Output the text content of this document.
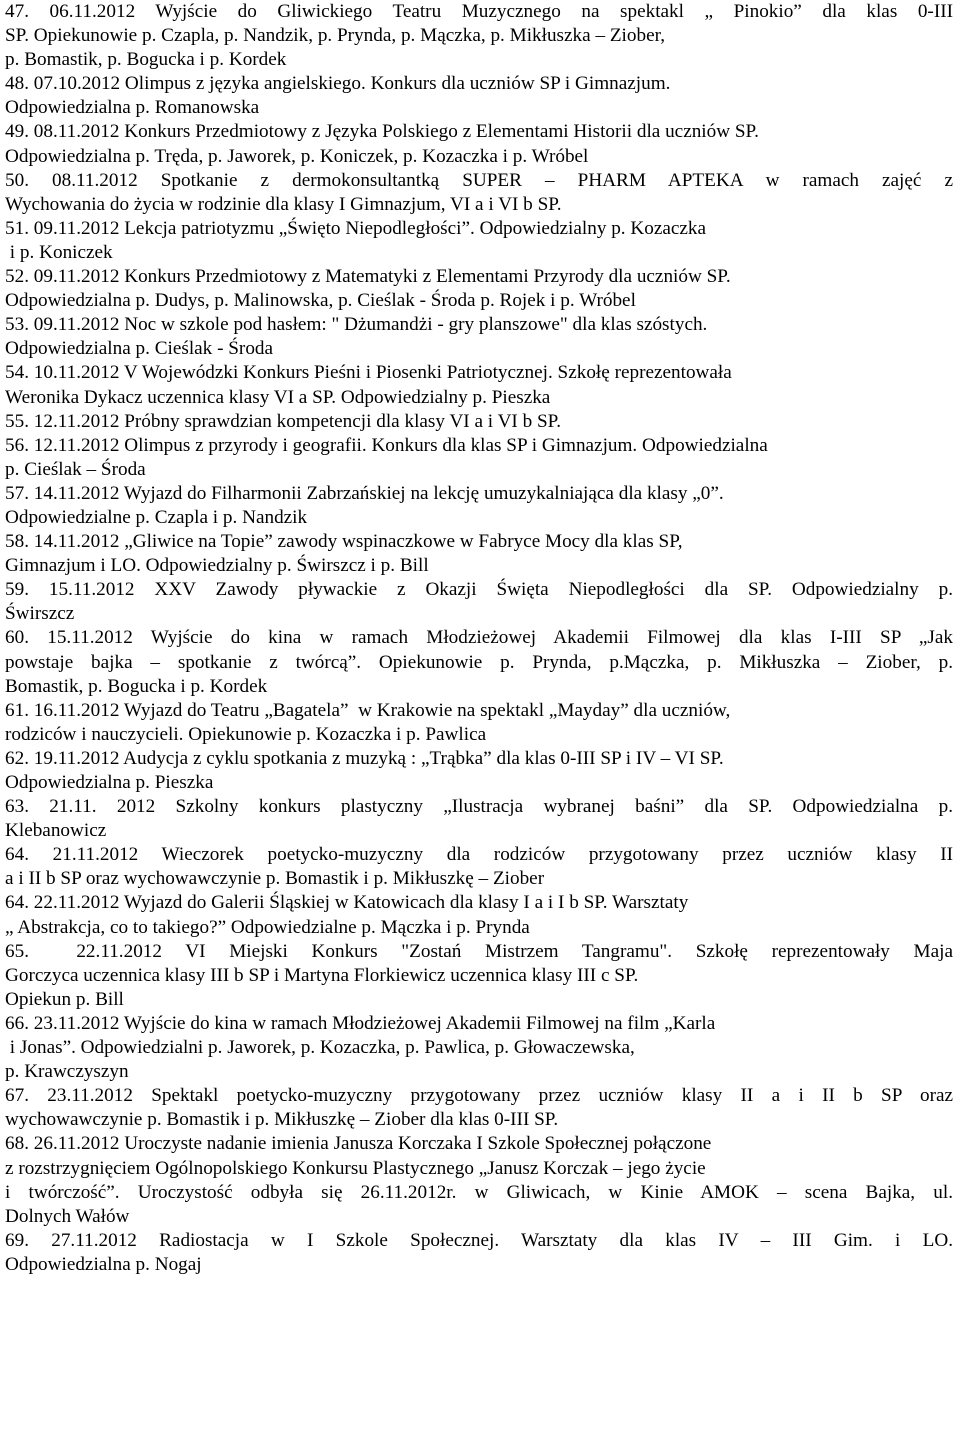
47. 06.11.2012 Wyjście do Gliwickiego Teatru Muzycznego na spektakl „ Pinokio” dla klas 0-III
SP. Opiekunowie p. Czapla, p. Nandzik, p. Prynda, p. Mączka, p. Mikłuszka – Ziober,
p. Bomastik, p. Bogucka i p. Kordek
48. 07.10.2012 Olimpus z języka angielskiego. Konkurs dla uczniów SP i Gimnazjum.
Odpowiedzialna p. Romanowska
49. 08.11.2012 Konkurs Przedmiotowy z Języka Polskiego z Elementami Historii dla uczniów SP.
Odpowiedzialna p. Tręda, p. Jaworek, p. Koniczek, p. Kozaczka i p. Wróbel
50. 08.11.2012 Spotkanie z dermokonsultantką SUPER – PHARM APTEKA w ramach zajęć z
Wychowania do życia w rodzinie dla klasy I Gimnazjum, VI a i VI b SP.
51. 09.11.2012 Lekcja patriotyzmu „Święto Niepodległości”. Odpowiedzialny p. Kozaczka
i p. Koniczek
52. 09.11.2012 Konkurs Przedmiotowy z Matematyki z Elementami Przyrody dla uczniów SP.
Odpowiedzialna p. Dudys, p. Malinowska, p. Cieślak - Środa p. Rojek i p. Wróbel
53. 09.11.2012 Noc w szkole pod hasłem: " Dżumandżi - gry planszowe" dla klas szóstych.
Odpowiedzialna p. Cieślak - Środa
54. 10.11.2012 V Wojewódzki Konkurs Pieśni i Piosenki Patriotycznej. Szkołę reprezentowała
Weronika Dykacz uczennica klasy VI a SP. Odpowiedzialny p. Pieszka
55. 12.11.2012 Próbny sprawdzian kompetencji dla klasy VI a i VI b SP.
56. 12.11.2012 Olimpus z przyrody i geografii. Konkurs dla klas SP i Gimnazjum. Odpowiedzialna
p. Cieślak – Środa
57. 14.11.2012 Wyjazd do Filharmonii Zabrzańskiej na lekcję umuzykalniająca dla klasy „0”.
Odpowiedzialne p. Czapla i p. Nandzik
58. 14.11.2012 „Gliwice na Topie” zawody wspinaczkowe w Fabryce Mocy dla klas SP,
Gimnazjum i LO. Odpowiedzialny p. Świrszcz i p. Bill
59. 15.11.2012 XXV Zawody pływackie z Okazji Święta Niepodległości dla SP. Odpowiedzialny p.
Świrszcz
60. 15.11.2012 Wyjście do kina w ramach Młodzieżowej Akademii Filmowej dla klas I-III SP „Jak
powstaje bajka – spotkanie z twórcą”. Opiekunowie p. Prynda, p.Mączka, p. Mikłuszka – Ziober, p.
Bomastik, p. Bogucka i p. Kordek
61. 16.11.2012 Wyjazd do Teatru „Bagatela”  w Krakowie na spektakl „Mayday” dla uczniów,
rodziców i nauczycieli. Opiekunowie p. Kozaczka i p. Pawlica
62. 19.11.2012 Audycja z cyklu spotkania z muzyką : „Trąbka” dla klas 0-III SP i IV – VI SP.
Odpowiedzialna p. Pieszka
63. 21.11. 2012 Szkolny konkurs plastyczny „Ilustracja wybranej baśni” dla SP. Odpowiedzialna p.
Klebanowicz
64. 21.11.2012 Wieczorek poetycko-muzyczny dla rodziców przygotowany przez uczniów klasy II
a i II b SP oraz wychowawczynie p. Bomastik i p. Mikłuszkę – Ziober
64. 22.11.2012 Wyjazd do Galerii Śląskiej w Katowicach dla klasy I a i I b SP. Warsztaty
„ Abstrakcja, co to takiego?” Odpowiedzialne p. Mączka i p. Prynda
65.  22.11.2012 VI Miejski Konkurs "Zostań Mistrzem Tangramu". Szkołę reprezentowały Maja
Gorczyca uczennica klasy III b SP i Martyna Florkiewicz uczennica klasy III c SP.
Opiekun p. Bill
66. 23.11.2012 Wyjście do kina w ramach Młodzieżowej Akademii Filmowej na film „Karla
i Jonas”. Odpowiedzialni p. Jaworek, p. Kozaczka, p. Pawlica, p. Głowaczewska,
p. Krawczyszyn
67. 23.11.2012 Spektakl poetycko-muzyczny przygotowany przez uczniów klasy II a i II b SP oraz
wychowawczynie p. Bomastik i p. Mikłuszkę – Ziober dla klas 0-III SP.
68. 26.11.2012 Uroczyste nadanie imienia Janusza Korczaka I Szkole Społecznej połączone
z rozstrzygnięciem Ogólnopolskiego Konkursu Plastycznego „Janusz Korczak – jego życie
i twórczość”. Uroczystość odbyła się 26.11.2012r. w Gliwicach, w Kinie AMOK – scena Bajka, ul.
Dolnych Wałów
69. 27.11.2012 Radiostacja w I Szkole Społecznej. Warsztaty dla klas IV – III Gim. i LO.
Odpowiedzialna p. Nogaj
